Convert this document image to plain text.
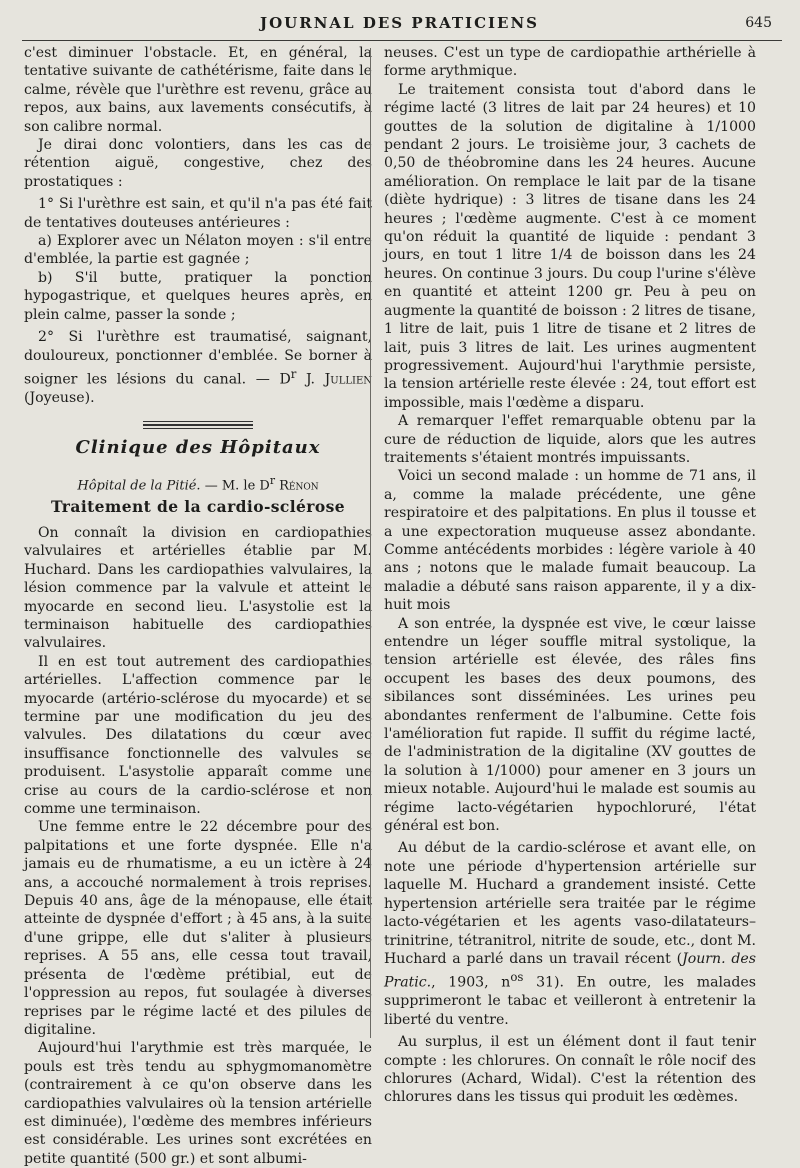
JOURNAL DES PRATICIENS	645

c'est diminuer l'obstacle. Et, en général, la tentative suivante de cathétérisme, faite dans le calme, révèle que l'urèthre est revenu, grâce au repos, aux bains, aux lavements consécutifs, à son calibre normal.

Je dirai donc volontiers, dans les cas de rétention aiguë, congestive, chez des prostatiques :

1° Si l'urèthre est sain, et qu'il n'a pas été fait de tentatives douteuses antérieures :

a) Explorer avec un Nélaton moyen : s'il entre d'emblée, la partie est gagnée ;

b) S'il butte, pratiquer la ponction hypogastrique, et quelques heures après, en plein calme, passer la sonde ;

2° Si l'urèthre est traumatisé, saignant, douloureux, ponctionner d'emblée. Se borner à soigner les lésions du canal. — $D^r$ J. Jullien (Joyeuse).

Clinique des Hôpitaux

Hôpital de la Pitié. — M. le $D^r$ Rénon

Traitement de la cardio-sclérose

On connaît la division en cardiopathies valvulaires et artérielles établie par M. Huchard. Dans les cardiopathies valvulaires, la lésion commence par la valvule et atteint le myocarde en second lieu. L'asystolie est la terminaison habituelle des cardiopathies valvulaires.

Il en est tout autrement des cardiopathies artérielles. L'affection commence par le myocarde (artério-sclérose du myocarde) et se termine par une modification du jeu des valvules. Des dilatations du cœur avec insuffisance fonctionnelle des valvules se produisent. L'asystolie apparaît comme une crise au cours de la cardio-sclérose et non comme une terminaison.

Une femme entre le 22 décembre pour des palpitations et une forte dyspnée. Elle n'a jamais eu de rhumatisme, a eu un ictère à 24 ans, a accouché normalement à trois reprises. Depuis 40 ans, âge de la ménopause, elle était atteinte de dyspnée d'effort ; à 45 ans, à la suite d'une grippe, elle dut s'aliter à plusieurs reprises. A 55 ans, elle cessa tout travail, présenta de l'œdème prétibial, eut de l'oppression au repos, fut soulagée à diverses reprises par le régime lacté et des pilules de digitaline.

Aujourd'hui l'arythmie est très marquée, le pouls est très tendu au sphygmomanomètre (contrairement à ce qu'on observe dans les cardiopathies valvulaires où la tension artérielle est diminuée), l'œdème des membres inférieurs est considérable. Les urines sont excrétées en petite quantité (500 gr.) et sont albumi-

neuses. C'est un type de cardiopathie arthérielle à forme arythmique.

Le traitement consista tout d'abord dans le régime lacté (3 litres de lait par 24 heures) et 10 gouttes de la solution de digitaline à 1/1000 pendant 2 jours. Le troisième jour, 3 cachets de 0,50 de théobromine dans les 24 heures. Aucune amélioration. On remplace le lait par de la tisane (diète hydrique) : 3 litres de tisane dans les 24 heures ; l'œdème augmente. C'est à ce moment qu'on réduit la quantité de liquide : pendant 3 jours, en tout 1 litre 1/4 de boisson dans les 24 heures. On continue 3 jours. Du coup l'urine s'élève en quantité et atteint 1200 gr. Peu à peu on augmente la quantité de boisson : 2 litres de tisane, 1 litre de lait, puis 1 litre de tisane et 2 litres de lait, puis 3 litres de lait. Les urines augmentent progressivement. Aujourd'hui l'arythmie persiste, la tension artérielle reste élevée : 24, tout effort est impossible, mais l'œdème a disparu.

A remarquer l'effet remarquable obtenu par la cure de réduction de liquide, alors que les autres traitements s'étaient montrés impuissants.

Voici un second malade : un homme de 71 ans, il a, comme la malade précédente, une gêne respiratoire et des palpitations. En plus il tousse et a une expectoration muqueuse assez abondante. Comme antécédents morbides : légère variole à 40 ans ; notons que le malade fumait beaucoup. La maladie a débuté sans raison apparente, il y a dix-huit mois

A son entrée, la dyspnée est vive, le cœur laisse entendre un léger souffle mitral systolique, la tension artérielle est élevée, des râles fins occupent les bases des deux poumons, des sibilances sont disséminées. Les urines peu abondantes renferment de l'albumine. Cette fois l'amélioration fut rapide. Il suffit du régime lacté, de l'administration de la digitaline (XV gouttes de la solution à 1/1000) pour amener en 3 jours un mieux notable. Aujourd'hui le malade est soumis au régime lacto-végétarien hypochloruré, l'état général est bon.

Au début de la cardio-sclérose et avant elle, on note une période d'hypertension artérielle sur laquelle M. Huchard a grandement insisté. Cette hypertension artérielle sera traitée par le régime lacto-végétarien et les agents vaso-dilatateurs–trinitrine, tétranitrol, nitrite de soude, etc., dont M. Huchard a parlé dans un travail récent (Journ. des Pratic., 1903, $n^{os}$ 31). En outre, les malades supprimeront le tabac et veilleront à entretenir la liberté du ventre.

Au surplus, il est un élément dont il faut tenir compte : les chlorures. On connaît le rôle nocif des chlorures (Achard, Widal). C'est la rétention des chlorures dans les tissus qui produit les œdèmes.
